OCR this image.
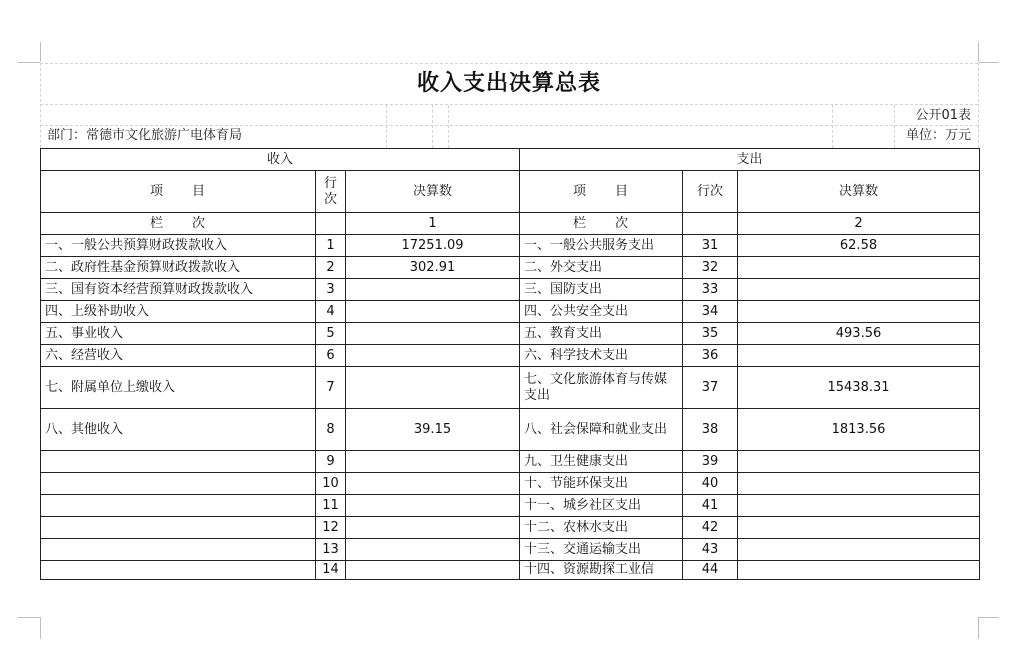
收入支出决算总表
公开01表
部门：常德市文化旅游广电体育局	单位：万元
收入			支出		
项　　目	行次	决算数	项　　目	行次	决算数
栏　　次		1	栏　　次		2
一、一般公共预算财政拨款收入	1	17251.09	一、一般公共服务支出	31	62.58
二、政府性基金预算财政拨款收入	2	302.91	二、外交支出	32	
三、国有资本经营预算财政拨款收入	3		三、国防支出	33	
四、上级补助收入	4		四、公共安全支出	34	
五、事业收入	5		五、教育支出	35	493.56
六、经营收入	6		六、科学技术支出	36	
七、附属单位上缴收入	7		七、文化旅游体育与传媒支出	37	15438.31
八、其他收入	8	39.15	八、社会保障和就业支出	38	1813.56
	9		九、卫生健康支出	39	
	10		十、节能环保支出	40	
	11		十一、城乡社区支出	41	
	12		十二、农林水支出	42	
	13		十三、交通运输支出	43	
	14		十四、资源勘探工业信	44	
